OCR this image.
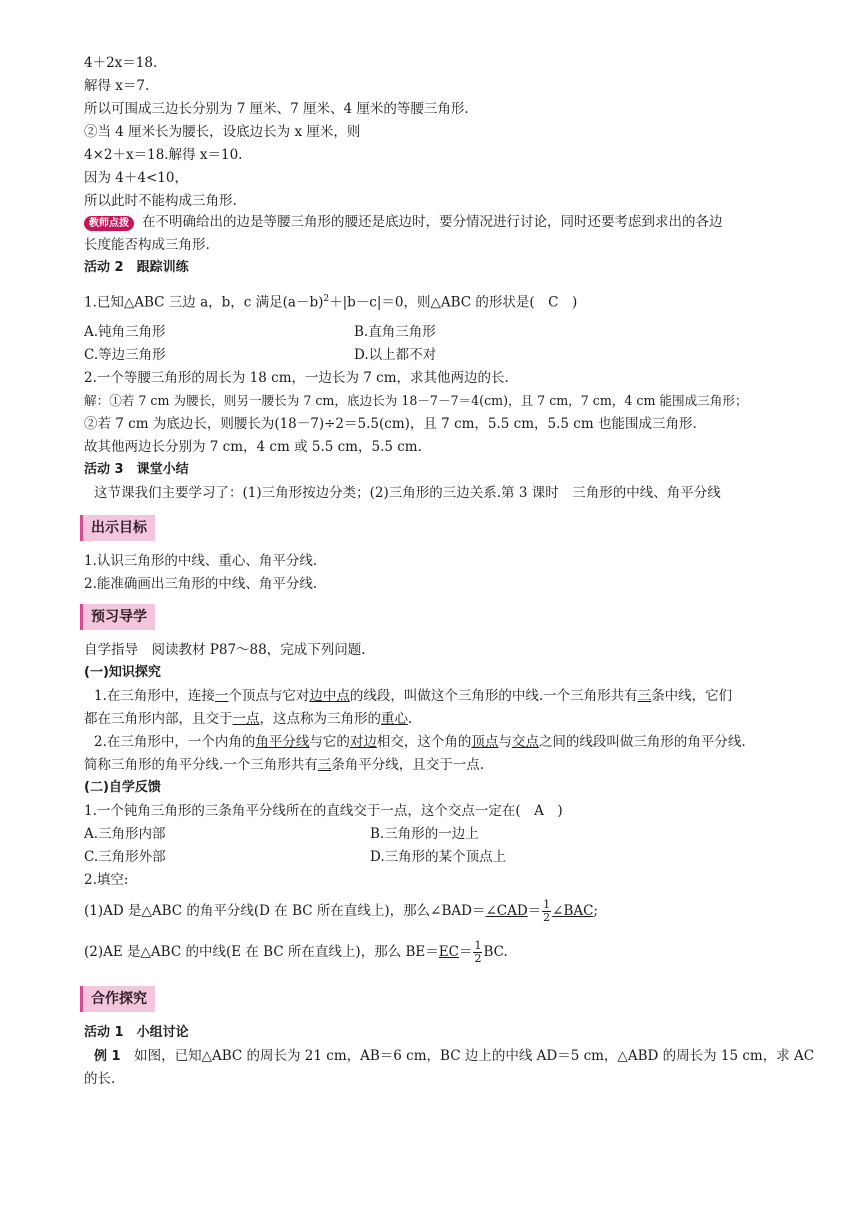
4＋2x＝18.
解得 x＝7.
所以可围成三边长分别为 7 厘米、7 厘米、4 厘米的等腰三角形.
②当 4 厘米长为腰长，设底边长为 x 厘米，则
4×2＋x＝18.解得 x＝10.
因为 4＋4<10，
所以此时不能构成三角形.
教师点拨 在不明确给出的边是等腰三角形的腰还是底边时，要分情况进行讨论，同时还要考虑到求出的各边
长度能否构成三角形.
活动 2　跟踪训练
1.已知△ABC 三边 a，b，c 满足$(a-b)^2+|b-c|=0$，则△ABC 的形状是(　C　)
A.钝角三角形	B.直角三角形
C.等边三角形	D.以上都不对
2.一个等腰三角形的周长为 18 cm，一边长为 7 cm，求其他两边的长.
解：①若 7 cm 为腰长，则另一腰长为 7 cm，底边长为 18－7－7＝4(cm)，且 7 cm，7 cm，4 cm 能围成三角形；
②若 7 cm 为底边长，则腰长为(18－7)÷2＝5.5(cm)，且 7 cm，5.5 cm，5.5 cm 也能围成三角形.
故其他两边长分别为 7 cm，4 cm 或 5.5 cm，5.5 cm.
活动 3　课堂小结
这节课我们主要学习了：(1)三角形按边分类；(2)三角形的三边关系.第 3 课时　三角形的中线、角平分线
出示目标
1.认识三角形的中线、重心、角平分线.
2.能准确画出三角形的中线、角平分线.
预习导学
自学指导　阅读教材 P87～88，完成下列问题.
(一)知识探究
1.在三角形中，连接一个顶点与它对边中点的线段，叫做这个三角形的中线.一个三角形共有三条中线，它们
都在三角形内部，且交于一点，这点称为三角形的重心.
2.在三角形中，一个内角的角平分线与它的对边相交，这个角的顶点与交点之间的线段叫做三角形的角平分线.
简称三角形的角平分线.一个三角形共有三条角平分线，且交于一点.
(二)自学反馈
1.一个钝角三角形的三条角平分线所在的直线交于一点，这个交点一定在(　A　)
A.三角形内部	B.三角形的一边上
C.三角形外部	D.三角形的某个顶点上
2.填空:
(1)AD 是△ABC 的角平分线(D 在 BC 所在直线上)，那么∠BAD＝∠CAD＝ $\frac{1}{2}$ ∠BAC;
(2)AE 是△ABC 的中线(E 在 BC 所在直线上)，那么 $BE=EC= \frac{1}{2}$ BC.
合作探究
活动 1　小组讨论
例 1　如图，已知△ABC 的周长为 21 cm，AB＝6 cm，BC 边上的中线 AD＝5 cm，△ABD 的周长为 15 cm，求 AC
的长.
